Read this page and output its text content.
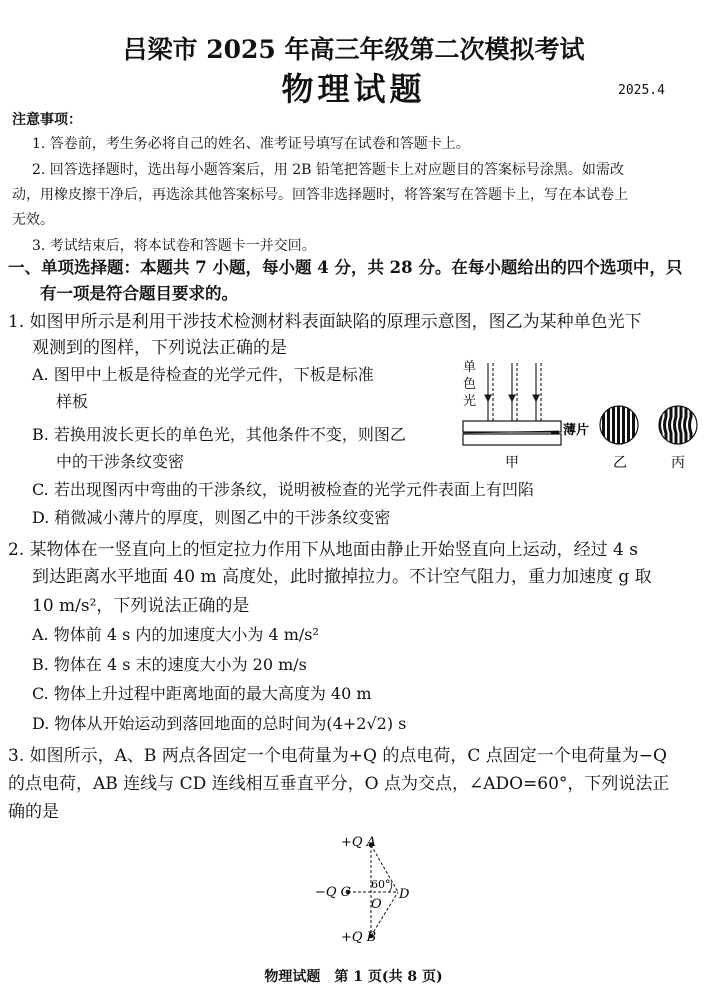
吕梁市 2025 年高三年级第二次模拟考试
物理试题	2025.4
注意事项：
1. 答卷前，考生务必将自己的姓名、准考证号填写在试卷和答题卡上。
2. 回答选择题时，选出每小题答案后，用 2B 铅笔把答题卡上对应题目的答案标号涂黑。如需改
动，用橡皮擦干净后，再选涂其他答案标号。回答非选择题时，将答案写在答题卡上，写在本试卷上
无效。
3. 考试结束后，将本试卷和答题卡一并交回。
一、单项选择题：本题共 7 小题，每小题 4 分，共 28 分。在每小题给出的四个选项中，只
有一项是符合题目要求的。
1. 如图甲所示是利用干涉技术检测材料表面缺陷的原理示意图，图乙为某种单色光下
观测到的图样，下列说法正确的是
A. 图甲中上板是待检查的光学元件，下板是标准
样板
B. 若换用波长更长的单色光，其他条件不变，则图乙
中的干涉条纹变密
C. 若出现图丙中弯曲的干涉条纹，说明被检查的光学元件表面上有凹陷
D. 稍微减小薄片的厚度，则图乙中的干涉条纹变密
单
色
光
薄片
甲	乙	丙
2. 某物体在一竖直向上的恒定拉力作用下从地面由静止开始竖直向上运动，经过 4 s
到达距离水平地面 40 m 高度处，此时撤掉拉力。不计空气阻力，重力加速度 g 取
10 m/s²，下列说法正确的是
A. 物体前 4 s 内的加速度大小为 4 m/s²
B. 物体在 4 s 末的速度大小为 20 m/s
C. 物体上升过程中距离地面的最大高度为 40 m
D. 物体从开始运动到落回地面的总时间为(4+2√2) s
3. 如图所示，A、B 两点各固定一个电荷量为+Q 的点电荷，C 点固定一个电荷量为−Q
的点电荷，AB 连线与 CD 连线相互垂直平分，O 点为交点，∠ADO=60°，下列说法正
确的是
+Q A
−Q C
+Q B
O
D
60°
物理试题　第 1 页(共 8 页)
